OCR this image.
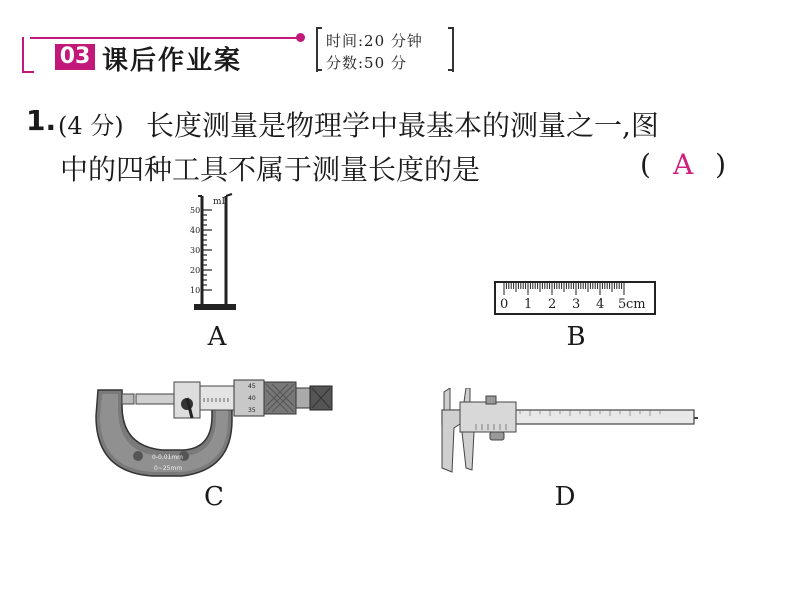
03 课后作业案
时间:20 分钟
分数:50 分
1. (4 分) 长度测量是物理学中最基本的测量之一,图
中的四种工具不属于测量长度的是	( A )
mL
50
40
30
20
10
A
0 1 2 3 4 5 cm
B
0-0.01mm
0~25mm
45
40
35
C	D
